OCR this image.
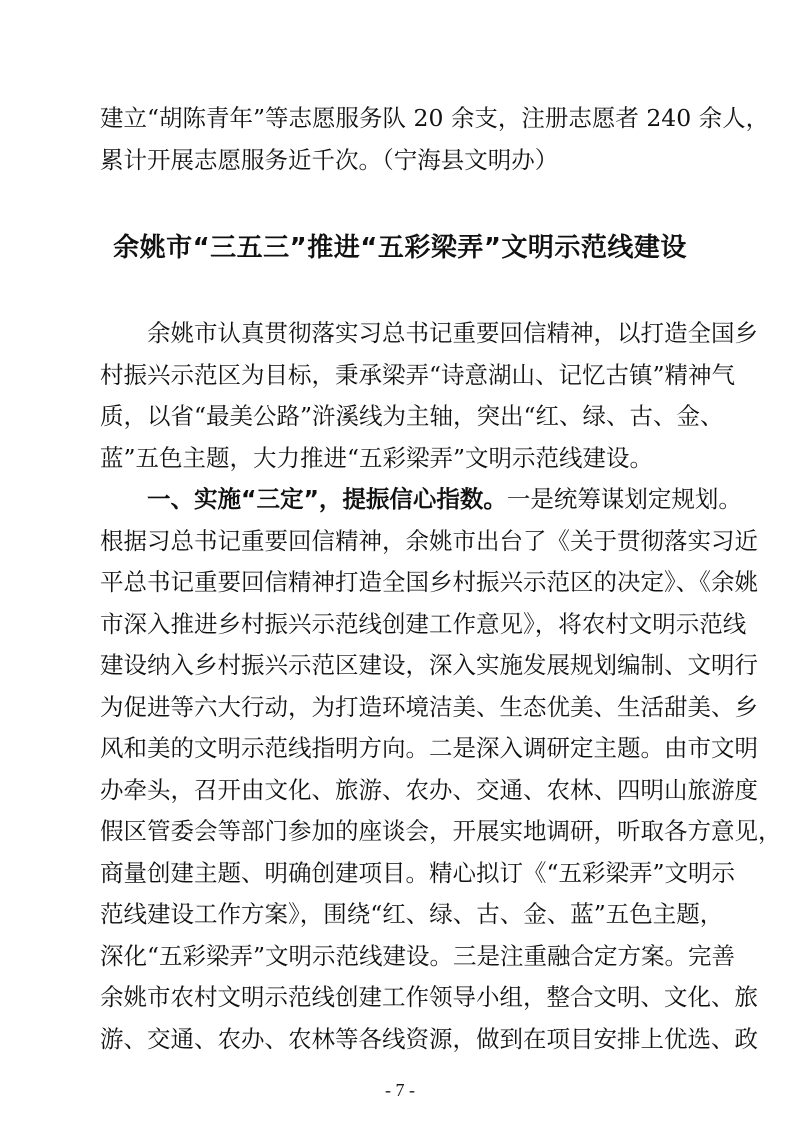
建立“胡陈青年”等志愿服务队 20 余支，注册志愿者 240 余人，
累计开展志愿服务近千次。（宁海县文明办）
余姚市“三五三”推进“五彩梁弄”文明示范线建设
余姚市认真贯彻落实习总书记重要回信精神，以打造全国乡
村振兴示范区为目标，秉承梁弄“诗意湖山、记忆古镇”精神气
质，以省“最美公路”浒溪线为主轴，突出“红、绿、古、金、
蓝”五色主题，大力推进“五彩梁弄”文明示范线建设。
一、实施“三定”，提振信心指数。一是统筹谋划定规划。
根据习总书记重要回信精神，余姚市出台了《关于贯彻落实习近
平总书记重要回信精神打造全国乡村振兴示范区的决定》、《余姚
市深入推进乡村振兴示范线创建工作意见》，将农村文明示范线
建设纳入乡村振兴示范区建设，深入实施发展规划编制、文明行
为促进等六大行动，为打造环境洁美、生态优美、生活甜美、乡
风和美的文明示范线指明方向。二是深入调研定主题。由市文明
办牵头，召开由文化、旅游、农办、交通、农林、四明山旅游度
假区管委会等部门参加的座谈会，开展实地调研，听取各方意见，
商量创建主题、明确创建项目。精心拟订《“五彩梁弄”文明示
范线建设工作方案》，围绕“红、绿、古、金、蓝”五色主题，
深化“五彩梁弄”文明示范线建设。三是注重融合定方案。完善
余姚市农村文明示范线创建工作领导小组，整合文明、文化、旅
游、交通、农办、农林等各线资源，做到在项目安排上优选、政

- 7 -
